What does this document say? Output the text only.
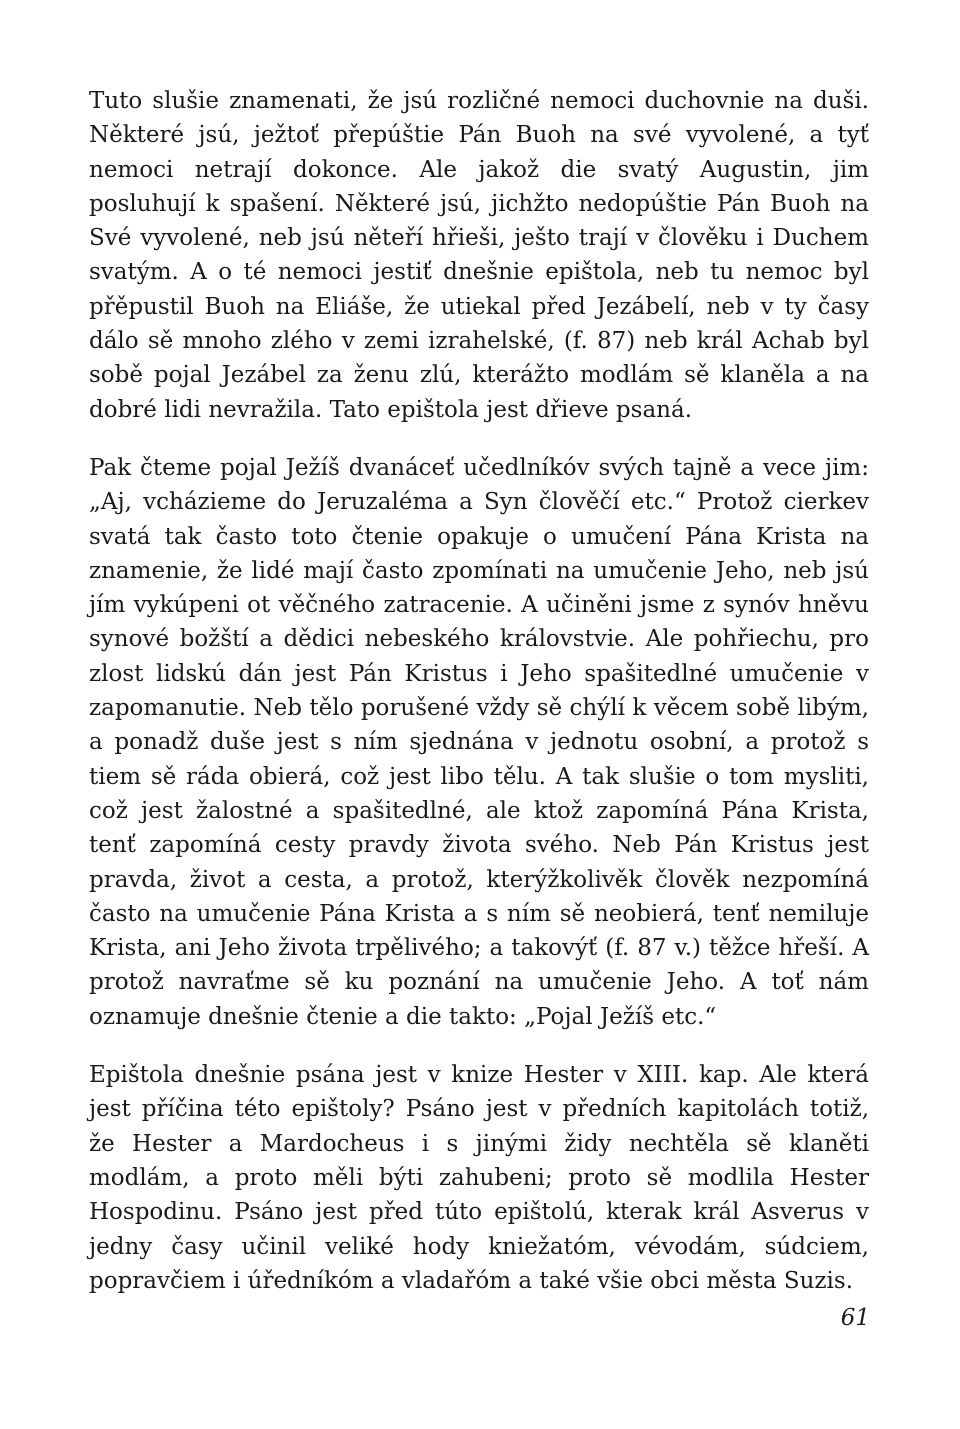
Tuto slušie znamenati, že jsú rozličné nemoci duchovnie na duši. Některé jsú, ježtoť přepúštie Pán Buoh na své vyvolené, a tyť nemoci netrají dokonce. Ale jakož die svatý Augustin, jim posluhují k spašení. Některé jsú, jichžto nedopúštie Pán Buoh na Své vyvolené, neb jsú něteří hřieši, ješto trají v člověku i Duchem svatým. A o té nemoci jestiť dnešnie epištola, neb tu nemoc byl přěpustil Buoh na Eliáše, že utiekal před Jezábelí, neb v ty časy dálo sě mnoho zlého v zemi izrahelské, (f. 87) neb král Achab byl sobě pojal Jezábel za ženu zlú, kterážto modlám sě klaněla a na dobré lidi nevražila. Tato epištola jest dřieve psaná.

Pak čteme pojal Ježíš dvanáceť učedlníkóv svých tajně a vece jim: „Aj, vcházieme do Jeruzaléma a Syn člověčí etc.“ Protož cierkev svatá tak často toto čtenie opakuje o umučení Pána Krista na znamenie, že lidé mají často zpomínati na umučenie Jeho, neb jsú jím vykúpeni ot věčného zatracenie. A učiněni jsme z synóv hněvu synové božští a dědici nebeského královstvie. Ale pohřiechu, pro zlost lidskú dán jest Pán Kristus i Jeho spašitedlné umučenie v zapomanutie. Neb tělo porušené vždy sě chýlí k věcem sobě libým, a ponadž duše jest s ním sjednána v jednotu osobní, a protož s tiem sě ráda obierá, což jest libo tělu. A tak slušie o tom mysliti, což jest žalostné a spašitedlné, ale ktož zapomíná Pána Krista, tenť zapomíná cesty pravdy života svého. Neb Pán Kristus jest pravda, život a cesta, a protož, kterýžkolivěk člověk nezpomíná často na umučenie Pána Krista a s ním sě neobierá, tenť nemiluje Krista, ani Jeho života trpělivého; a takovýť (f. 87 v.) těžce hřeší. A protož navraťme sě ku poznání na umučenie Jeho. A toť nám oznamuje dnešnie čtenie a die takto: „Pojal Ježíš etc.“

Epištola dnešnie psána jest v knize Hester v XIII. kap. Ale která jest příčina této epištoly? Psáno jest v předních kapitolách totiž, že Hester a Mardocheus i s jinými židy nechtěla sě klaněti modlám, a proto měli býti zahubeni; proto sě modlila Hester Hospodinu. Psáno jest před túto epištolú, kterak král Asverus v jedny časy učinil veliké hody kniežatóm, vévodám, súdciem, popravčiem i úředníkóm a vladařóm a také všie obci města Suzis.

61
